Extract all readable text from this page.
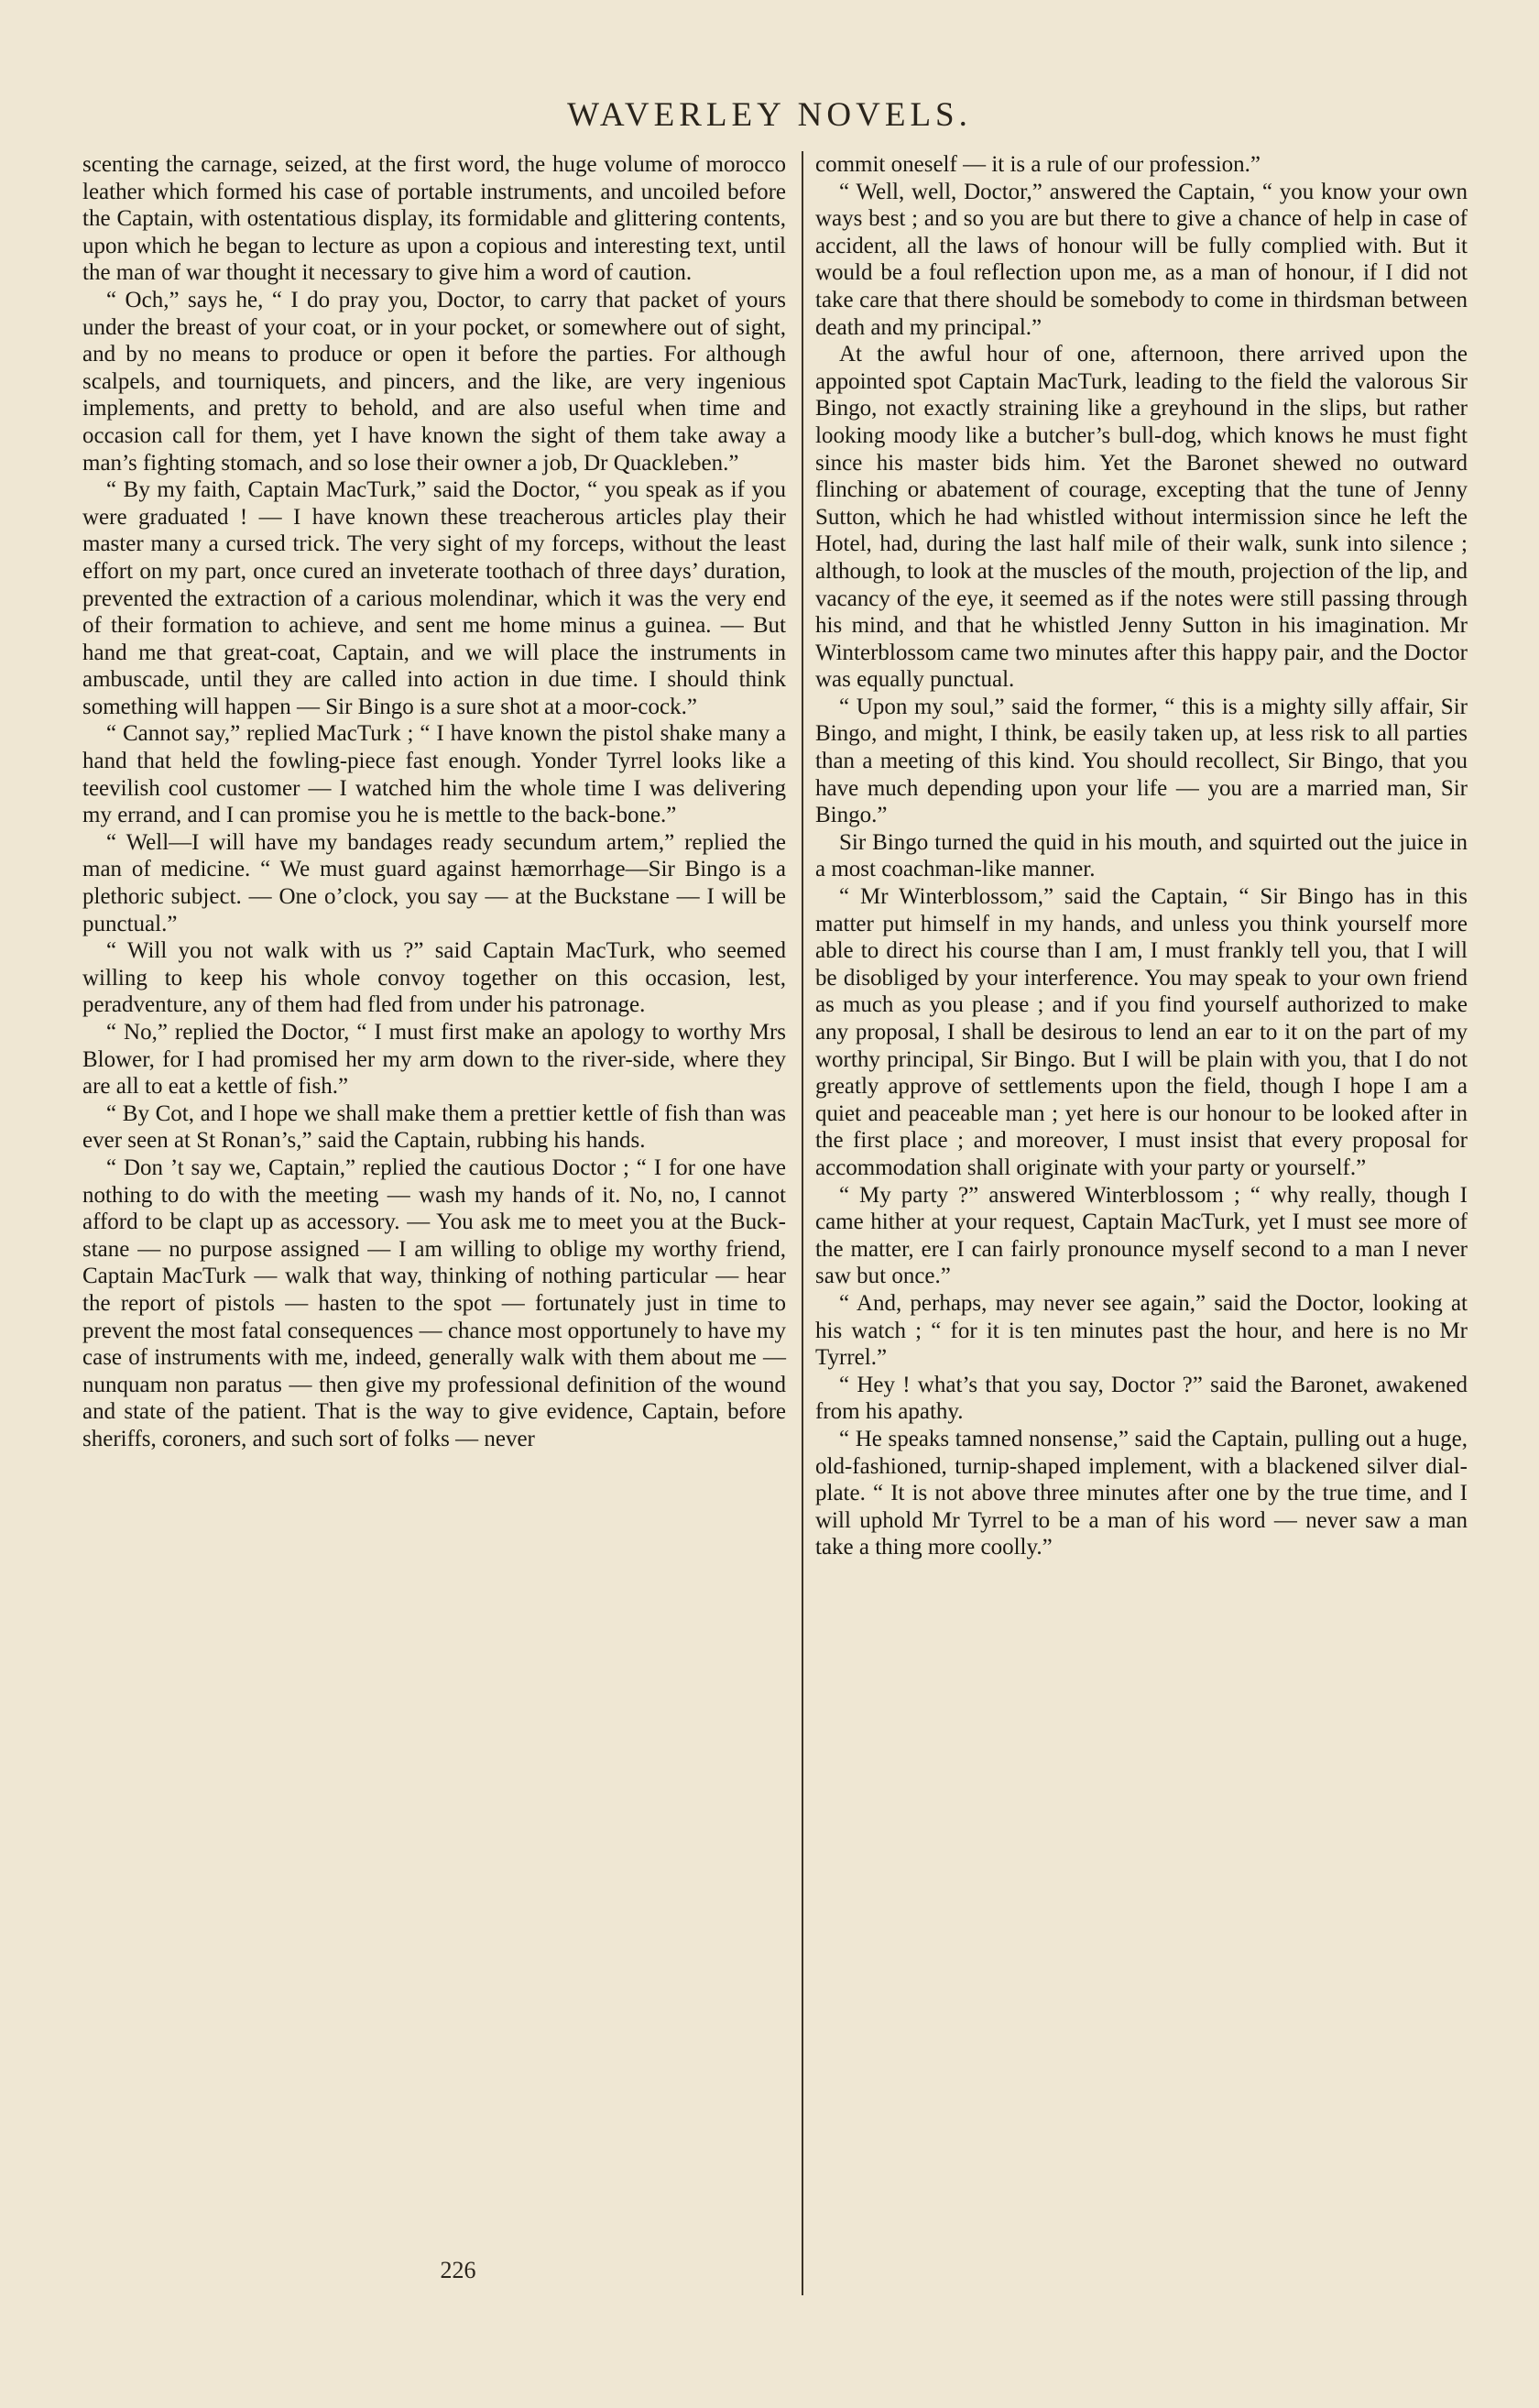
WAVERLEY NOVELS.

scenting the carnage, seized, at the first word, the huge volume of morocco leather which formed his case of portable instruments, and uncoiled before the Captain, with ostentatious display, its formidable and glittering contents, upon which he began to lecture as upon a copious and interesting text, until the man of war thought it necessary to give him a word of caution.

“ Och,” says he, “ I do pray you, Doctor, to carry that packet of yours under the breast of your coat, or in your pocket, or somewhere out of sight, and by no means to produce or open it before the parties. For although scalpels, and tourniquets, and pincers, and the like, are very ingenious implements, and pretty to behold, and are also useful when time and occasion call for them, yet I have known the sight of them take away a man’s fighting stomach, and so lose their owner a job, Dr Quackleben.”

“ By my faith, Captain MacTurk,” said the Doctor, “ you speak as if you were graduated ! — I have known these treacherous articles play their master many a cursed trick. The very sight of my forceps, without the least effort on my part, once cured an inveterate toothach of three days’ duration, prevented the extraction of a carious molendinar, which it was the very end of their formation to achieve, and sent me home minus a guinea. — But hand me that great-coat, Captain, and we will place the instruments in ambuscade, until they are called into action in due time. I should think something will happen — Sir Bingo is a sure shot at a moor-cock.”

“ Cannot say,” replied MacTurk ; “ I have known the pistol shake many a hand that held the fowling-piece fast enough. Yonder Tyrrel looks like a teevilish cool customer — I watched him the whole time I was delivering my errand, and I can promise you he is mettle to the back-bone.”

“ Well—I will have my bandages ready secundum artem,” replied the man of medicine. “ We must guard against hæmorrhage—Sir Bingo is a plethoric subject. — One o’clock, you say — at the Buckstane — I will be punctual.”

“ Will you not walk with us ?” said Captain MacTurk, who seemed willing to keep his whole convoy together on this occasion, lest, peradventure, any of them had fled from under his patronage.

“ No,” replied the Doctor, “ I must first make an apology to worthy Mrs Blower, for I had promised her my arm down to the river-side, where they are all to eat a kettle of fish.”

“ By Cot, and I hope we shall make them a prettier kettle of fish than was ever seen at St Ronan’s,” said the Captain, rubbing his hands.

“ Don ’t say we, Captain,” replied the cautious Doctor ; “ I for one have nothing to do with the meeting — wash my hands of it. No, no, I cannot afford to be clapt up as accessory. — You ask me to meet you at the Buck-stane — no purpose assigned — I am willing to oblige my worthy friend, Captain MacTurk — walk that way, thinking of nothing particular — hear the report of pistols — hasten to the spot — fortunately just in time to prevent the most fatal consequences — chance most opportunely to have my case of instruments with me, indeed, generally walk with them about me — nunquam non paratus — then give my professional definition of the wound and state of the patient. That is the way to give evidence, Captain, before sheriffs, coroners, and such sort of folks — never

commit oneself — it is a rule of our profession.”

“ Well, well, Doctor,” answered the Captain, “ you know your own ways best ; and so you are but there to give a chance of help in case of accident, all the laws of honour will be fully complied with. But it would be a foul reflection upon me, as a man of honour, if I did not take care that there should be somebody to come in thirdsman between death and my principal.”

At the awful hour of one, afternoon, there arrived upon the appointed spot Captain MacTurk, leading to the field the valorous Sir Bingo, not exactly straining like a greyhound in the slips, but rather looking moody like a butcher’s bull-dog, which knows he must fight since his master bids him. Yet the Baronet shewed no outward flinching or abatement of courage, excepting that the tune of Jenny Sutton, which he had whistled without intermission since he left the Hotel, had, during the last half mile of their walk, sunk into silence ; although, to look at the muscles of the mouth, projection of the lip, and vacancy of the eye, it seemed as if the notes were still passing through his mind, and that he whistled Jenny Sutton in his imagination. Mr Winterblossom came two minutes after this happy pair, and the Doctor was equally punctual.

“ Upon my soul,” said the former, “ this is a mighty silly affair, Sir Bingo, and might, I think, be easily taken up, at less risk to all parties than a meeting of this kind. You should recollect, Sir Bingo, that you have much depending upon your life — you are a married man, Sir Bingo.”

Sir Bingo turned the quid in his mouth, and squirted out the juice in a most coachman-like manner.

“ Mr Winterblossom,” said the Captain, “ Sir Bingo has in this matter put himself in my hands, and unless you think yourself more able to direct his course than I am, I must frankly tell you, that I will be disobliged by your interference. You may speak to your own friend as much as you please ; and if you find yourself authorized to make any proposal, I shall be desirous to lend an ear to it on the part of my worthy principal, Sir Bingo. But I will be plain with you, that I do not greatly approve of settlements upon the field, though I hope I am a quiet and peaceable man ; yet here is our honour to be looked after in the first place ; and moreover, I must insist that every proposal for accommodation shall originate with your party or yourself.”

“ My party ?” answered Winterblossom ; “ why really, though I came hither at your request, Captain MacTurk, yet I must see more of the matter, ere I can fairly pronounce myself second to a man I never saw but once.”

“ And, perhaps, may never see again,” said the Doctor, looking at his watch ; “ for it is ten minutes past the hour, and here is no Mr Tyrrel.”

“ Hey ! what’s that you say, Doctor ?” said the Baronet, awakened from his apathy.

“ He speaks tamned nonsense,” said the Captain, pulling out a huge, old-fashioned, turnip-shaped implement, with a blackened silver dial-plate. “ It is not above three minutes after one by the true time, and I will uphold Mr Tyrrel to be a man of his word — never saw a man take a thing more coolly.”

226
